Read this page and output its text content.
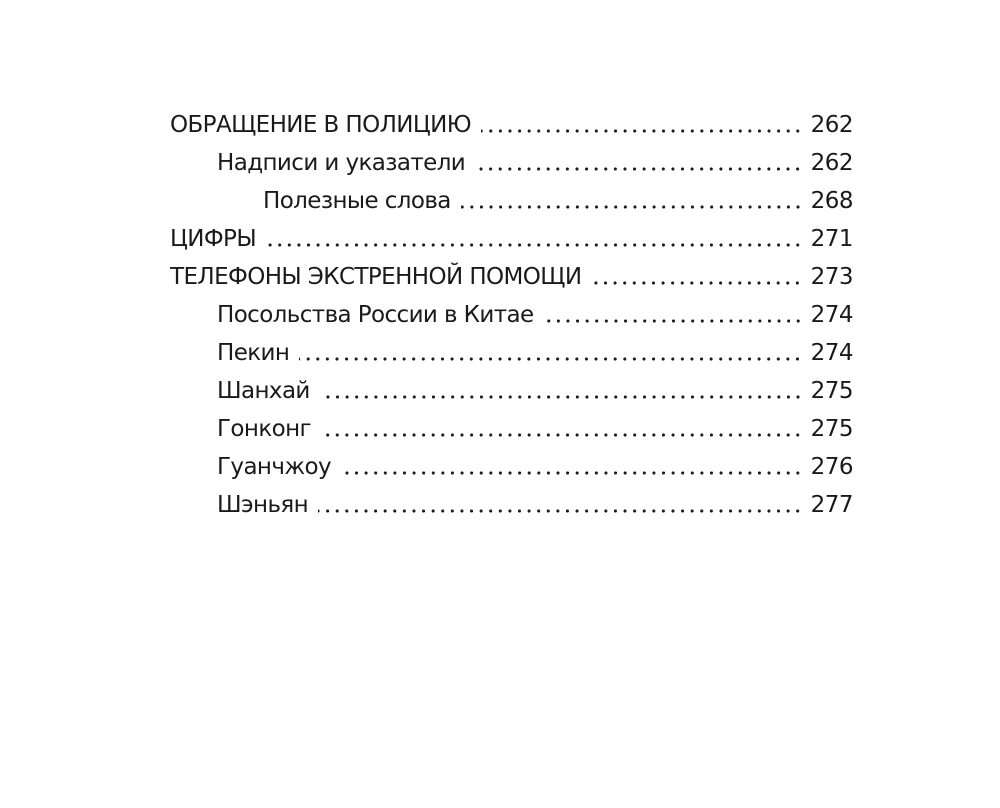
ОБРАЩЕНИЕ В ПОЛИЦИЮ	262
Надписи и указатели	262
Полезные слова	268
ЦИФРЫ	271
ТЕЛЕФОНЫ ЭКСТРЕННОЙ ПОМОЩИ	273
Посольства России в Китае	274
Пекин	274
Шанхай	275
Гонконг	275
Гуанчжоу	276
Шэньян	277
